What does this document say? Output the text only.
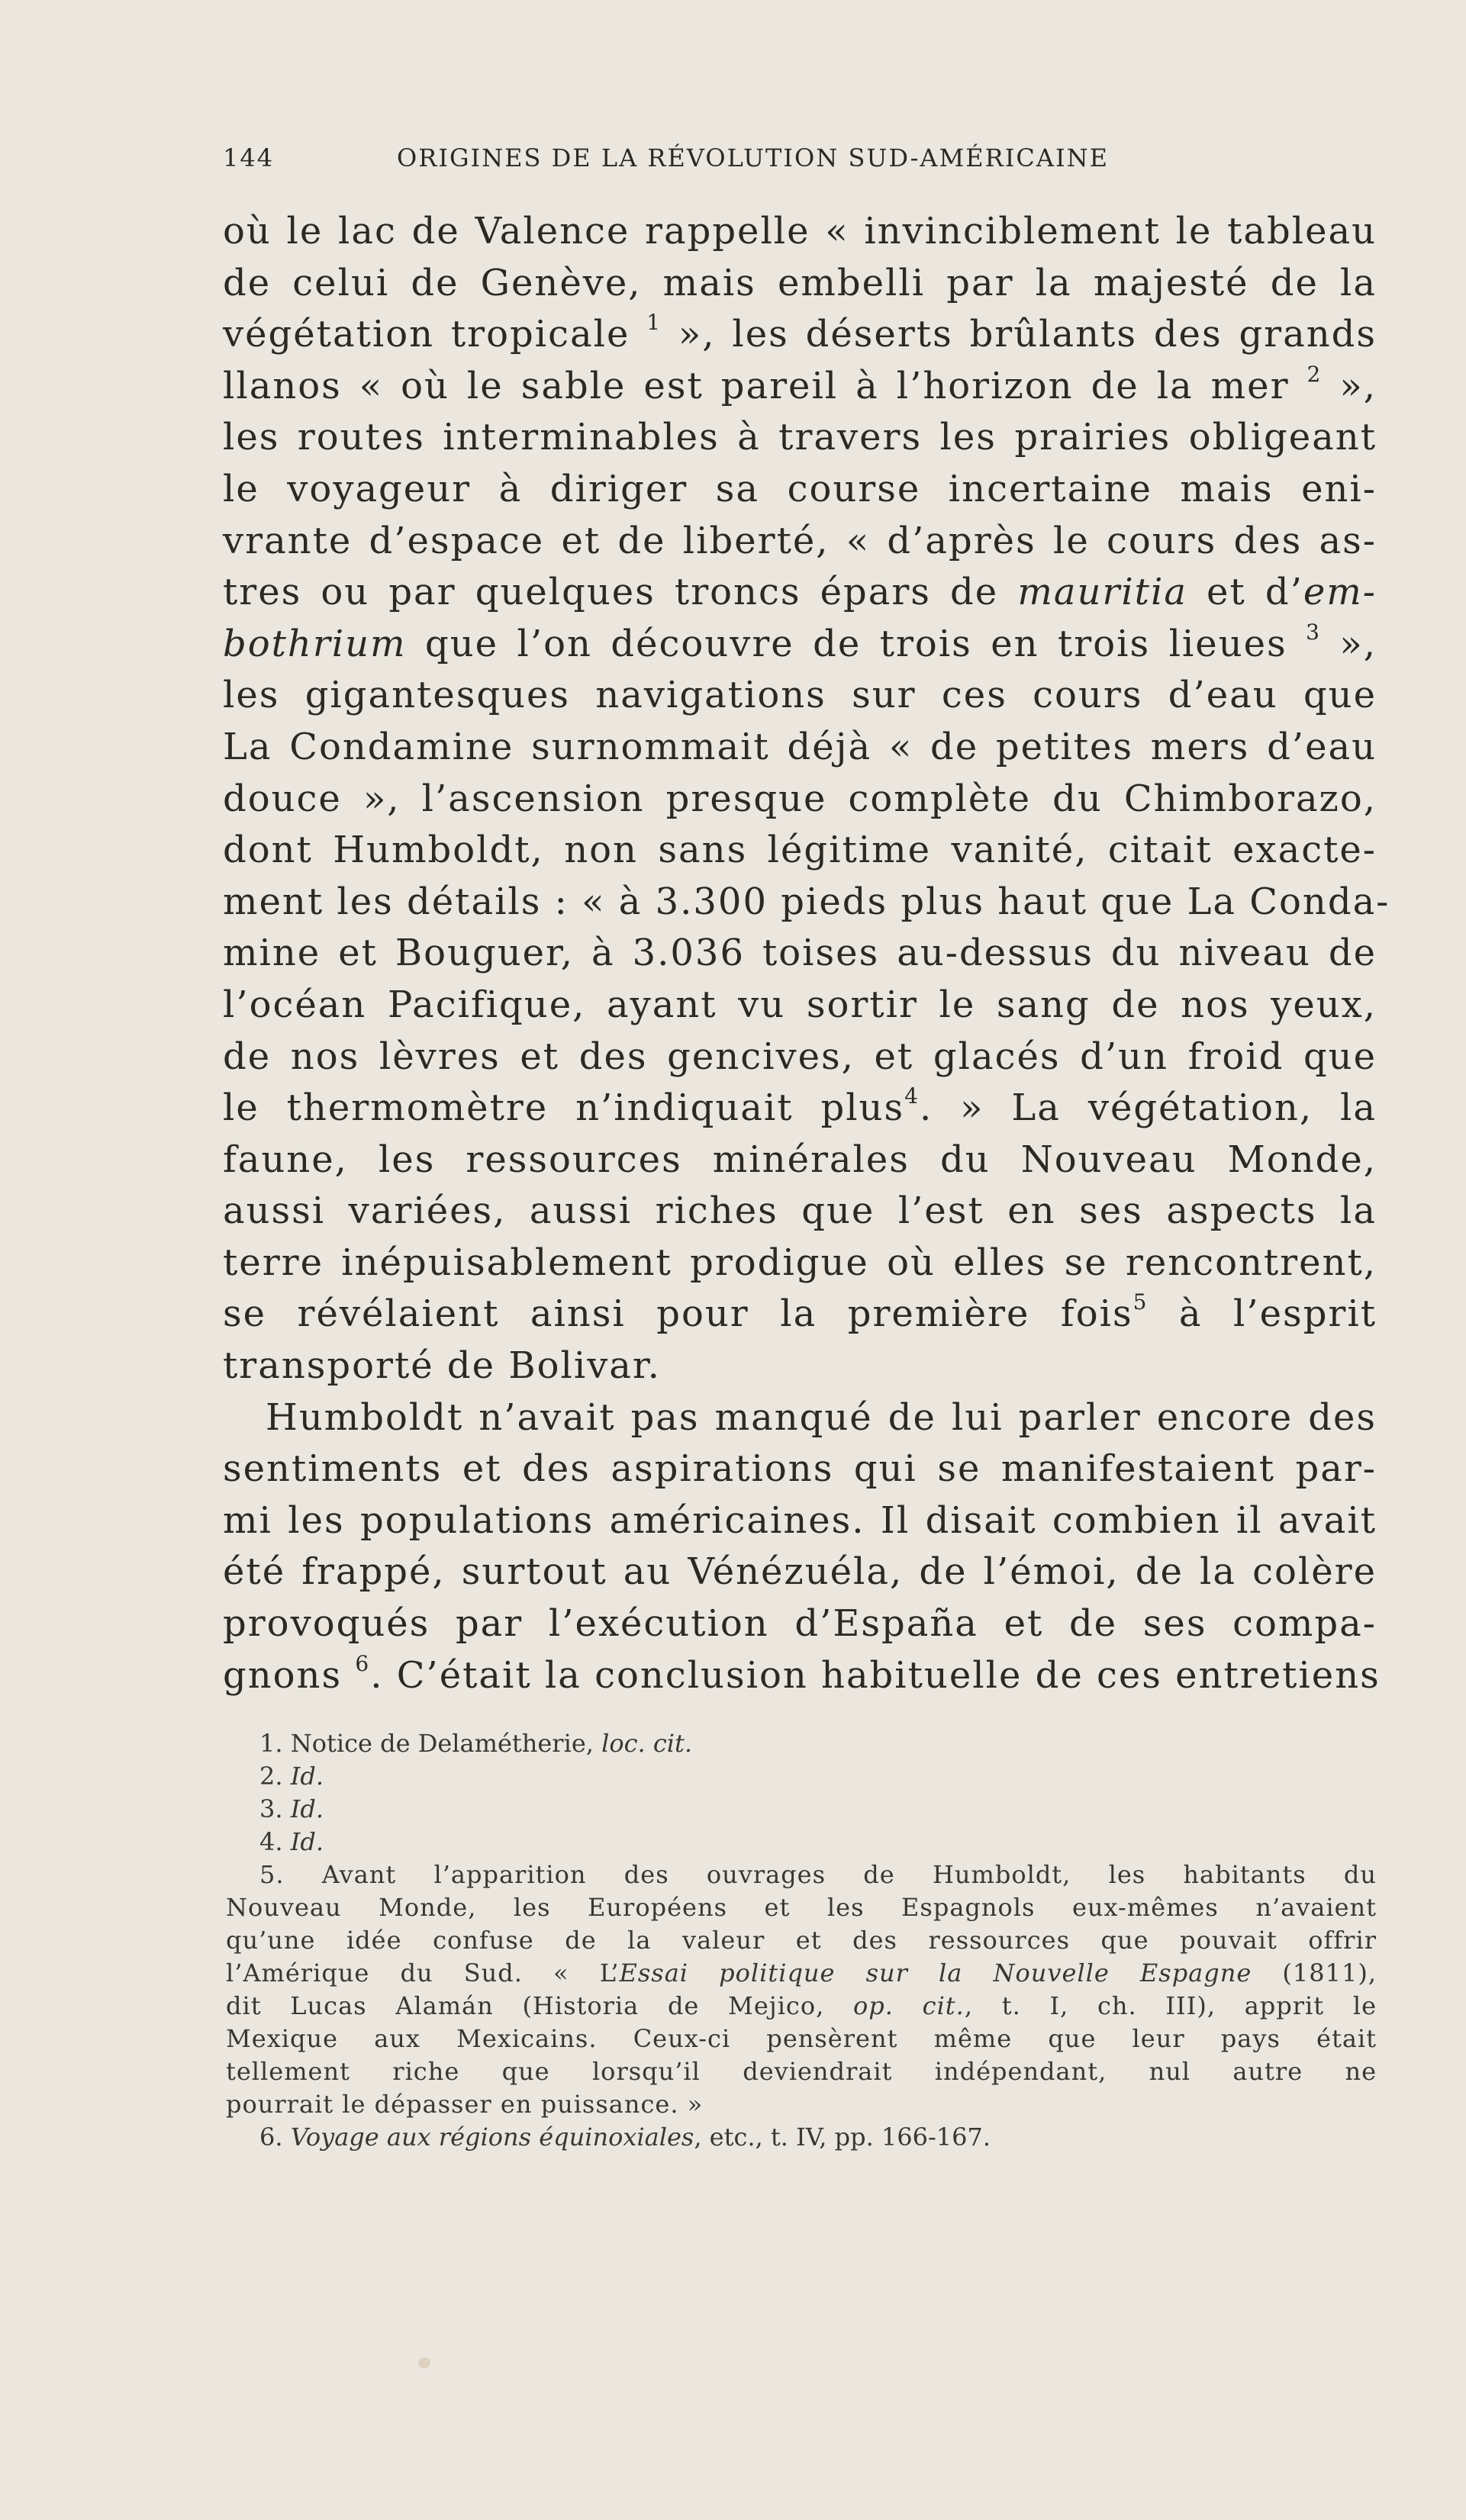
144	ORIGINES DE LA RÉVOLUTION SUD-AMÉRICAINE
où le lac de Valence rappelle « invinciblement le tableau
de celui de Genève, mais embelli par la majesté de la
végétation tropicale $^1$ », les déserts brûlants des grands
llanos « où le sable est pareil à l’horizon de la mer $^2$ »,
les routes interminables à travers les prairies obligeant
le voyageur à diriger sa course incertaine mais eni-
vrante d’espace et de liberté, « d’après le cours des as-
tres ou par quelques troncs épars de mauritia et d’em-
bothrium que l’on découvre de trois en trois lieues $^3$ »,
les gigantesques navigations sur ces cours d’eau que
La Condamine surnommait déjà « de petites mers d’eau
douce », l’ascension presque complète du Chimborazo,
dont Humboldt, non sans légitime vanité, citait exacte-
ment les détails : « à 3.300 pieds plus haut que La Conda-
mine et Bouguer, à 3.036 toises au-dessus du niveau de
l’océan Pacifique, ayant vu sortir le sang de nos yeux,
de nos lèvres et des gencives, et glacés d’un froid que
le thermomètre n’indiquait plus$^4$. » La végétation, la
faune, les ressources minérales du Nouveau Monde,
aussi variées, aussi riches que l’est en ses aspects la
terre inépuisablement prodigue où elles se rencontrent,
se révélaient ainsi pour la première fois$^5$ à l’esprit
transporté de Bolivar.
Humboldt n’avait pas manqué de lui parler encore des
sentiments et des aspirations qui se manifestaient par-
mi les populations américaines. Il disait combien il avait
été frappé, surtout au Vénézuéla, de l’émoi, de la colère
provoqués par l’exécution d’España et de ses compa-
gnons $^6$. C’était la conclusion habituelle de ces entretiens
1. Notice de Delamétherie, loc. cit.
2. Id.
3. Id.
4. Id.
5. Avant l’apparition des ouvrages de Humboldt, les habitants du
Nouveau Monde, les Européens et les Espagnols eux-mêmes n’avaient
qu’une idée confuse de la valeur et des ressources que pouvait offrir
l’Amérique du Sud. « L’Essai politique sur la Nouvelle Espagne (1811),
dit Lucas Alamán (Historia de Mejico, op. cit., t. I, ch. III), apprit le
Mexique aux Mexicains. Ceux-ci pensèrent même que leur pays était
tellement riche que lorsqu’il deviendrait indépendant, nul autre ne
pourrait le dépasser en puissance. »
6. Voyage aux régions équinoxiales, etc., t. IV, pp. 166-167.
